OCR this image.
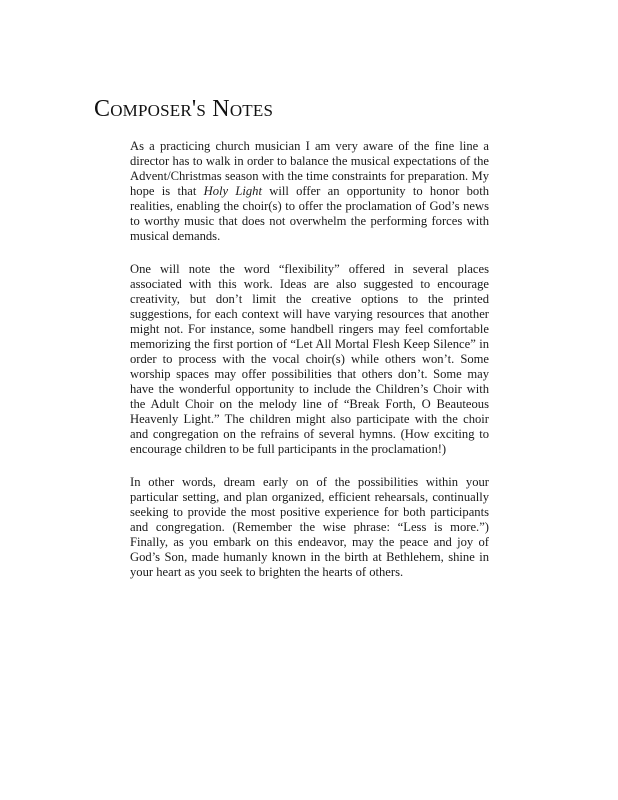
Composer's Notes

As a practicing church musician I am very aware of the fine line a director has to walk in order to balance the musical expectations of the Advent/Christmas season with the time constraints for preparation. My hope is that Holy Light will offer an opportunity to honor both realities, enabling the choir(s) to offer the proclamation of God’s news to worthy music that does not overwhelm the performing forces with musical demands.

One will note the word “flexibility” offered in several places associated with this work. Ideas are also suggested to encourage creativity, but don’t limit the creative options to the printed suggestions, for each context will have varying resources that another might not. For instance, some handbell ringers may feel comfortable memorizing the first portion of “Let All Mortal Flesh Keep Silence” in order to process with the vocal choir(s) while others won’t. Some worship spaces may offer possibilities that others don’t. Some may have the wonderful opportunity to include the Children’s Choir with the Adult Choir on the melody line of “Break Forth, O Beauteous Heavenly Light.” The children might also participate with the choir and congregation on the refrains of several hymns. (How exciting to encourage children to be full participants in the proclamation!)

In other words, dream early on of the possibilities within your particular setting, and plan organized, efficient rehearsals, continually seeking to provide the most positive experience for both participants and congregation. (Remember the wise phrase: “Less is more.”) Finally, as you embark on this endeavor, may the peace and joy of God’s Son, made humanly known in the birth at Bethlehem, shine in your heart as you seek to brighten the hearts of others.
